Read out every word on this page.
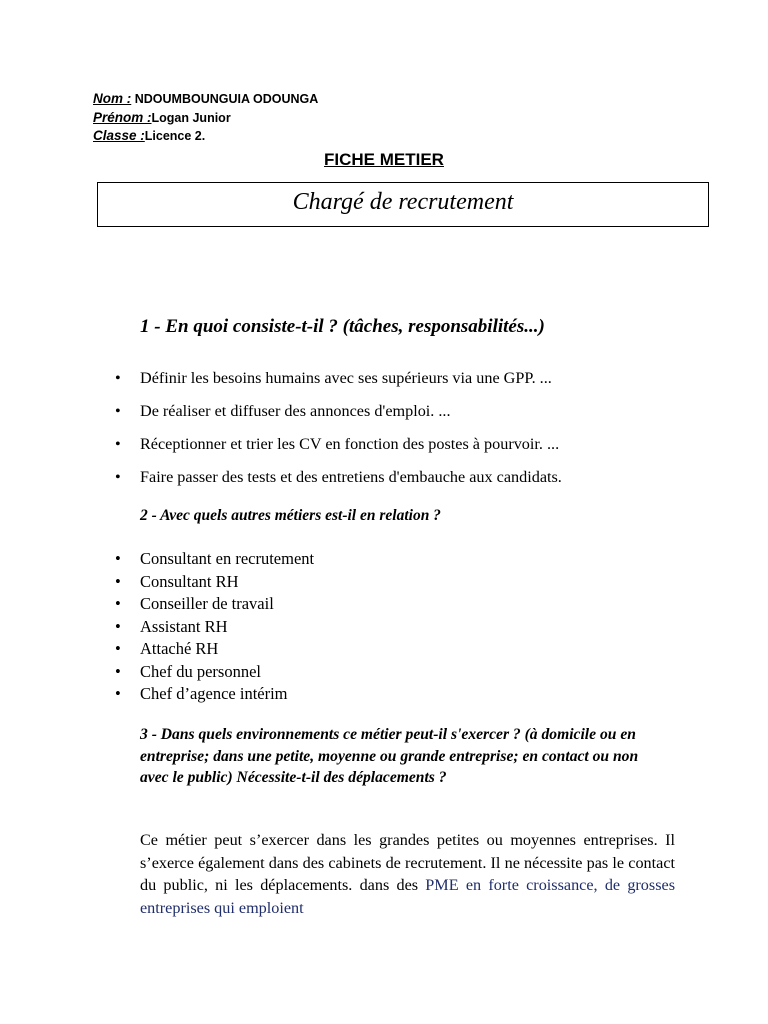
Nom : NDOUMBOUNGUIA ODOUNGA
Prénom :Logan Junior
Classe :Licence 2.
FICHE METIER
Chargé de recrutement
1 - En quoi consiste-t-il ? (tâches, responsabilités...)
• Définir les besoins humains avec ses supérieurs via une GPP. ...
• De réaliser et diffuser des annonces d'emploi. ...
• Réceptionner et trier les CV en fonction des postes à pourvoir. ...
• Faire passer des tests et des entretiens d'embauche aux candidats.
2 - Avec quels autres métiers est-il en relation ?
• Consultant en recrutement
• Consultant RH
• Conseiller de travail
• Assistant RH
• Attaché RH
• Chef du personnel
• Chef d’agence intérim
3 - Dans quels environnements ce métier peut-il s'exercer ? (à domicile ou en entreprise; dans une petite, moyenne ou grande entreprise; en contact ou non avec le public) Nécessite-t-il des déplacements ?
Ce métier peut s’exercer dans les grandes petites ou moyennes entreprises. Il s’exerce également dans des cabinets de recrutement. Il ne nécessite pas le contact du public, ni les déplacements. dans des PME en forte croissance, de grosses entreprises qui emploient
